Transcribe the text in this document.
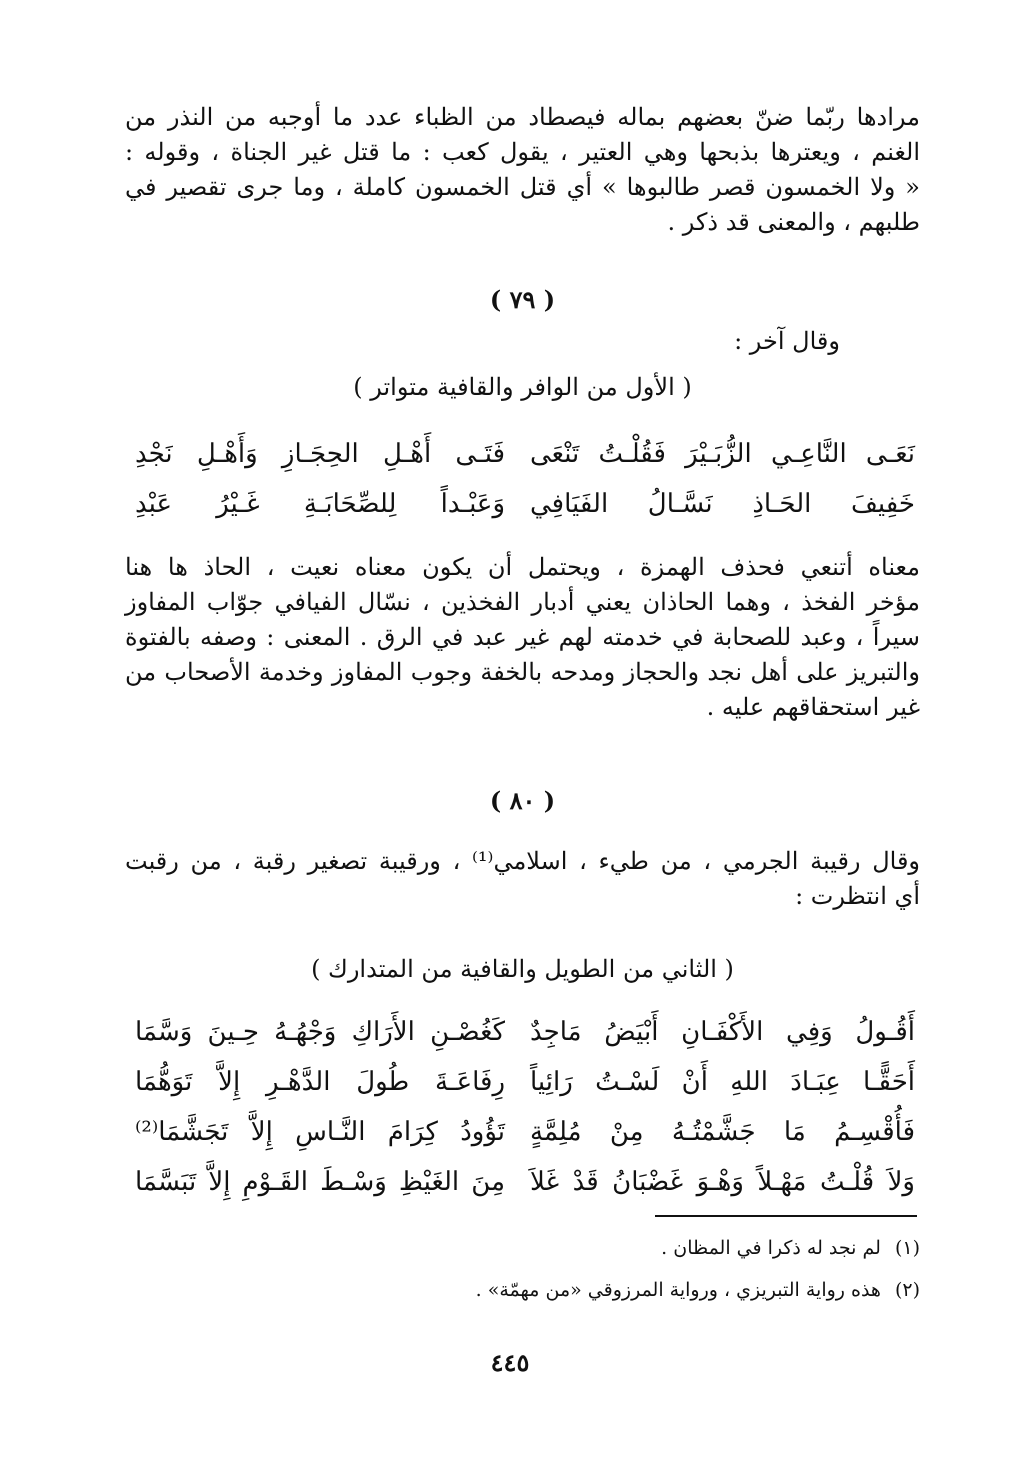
مرادها ربّما ضنّ بعضهم بماله فيصطاد من الظباء عدد ما أوجبه من النذر من
الغنم ، ويعترها بذبحها وهي العتير ، يقول كعب : ما قتل غير الجناة ، وقوله :
« ولا الخمسون قصر طالبوها » أي قتل الخمسون كاملة ، وما جرى تقصير في
طلبهم ، والمعنى قد ذكر .
( ٧٩ )
وقال آخر :
( الأول من الوافر والقافية متواتر )
نَعَـى النَّاعِـي الزُّبَـيْرَ فَقُلْـتُ تَنْعَى
فَتَـى أَهْـلِ الحِجَـازِ وَأَهْـلِ نَجْدِ
خَفِيفَ الحَـاذِ نَسَّـالُ الفَيَافِي
وَعَبْـداً لِلصِّحَابَـةِ غَـيْرُ عَبْدِ
معناه أتنعي فحذف الهمزة ، ويحتمل أن يكون معناه نعيت ، الحاذ ها هنا
مؤخر الفخذ ، وهما الحاذان يعني أدبار الفخذين ، نسّال الفيافي جوّاب المفاوز
سيراً ، وعبد للصحابة في خدمته لهم غير عبد في الرق . المعنى : وصفه بالفتوة
والتبريز على أهل نجد والحجاز ومدحه بالخفة وجوب المفاوز وخدمة الأصحاب من
غير استحقاقهم عليه .
( ٨٠ )
وقال رقيبة الجرمي ، من طيء ، اسلامي⁽¹⁾ ، ورقيبة تصغير رقبة ، من رقبت
أي انتظرت :
( الثاني من الطويل والقافية من المتدارك )
أَقُـولُ وَفِي الأَكْفَـانِ أَبْيَضُ مَاجِدٌ
كَغُصْـنِ الأَرَاكِ وَجْهُـهُ حِـينَ وَسَّمَا
أَحَقًّـا عِبَـادَ اللهِ أَنْ لَسْـتُ رَائِياً
رِفَاعَـةَ طُولَ الدَّهْـرِ إِلاَّ تَوَهُّمَا
فَأُقْسِـمُ مَا جَشَّمْتُـهُ مِنْ مُلِمَّةٍ
تَؤُودُ كِرَامَ النَّـاسِ إِلاَّ تَجَشَّمَا⁽²⁾
وَلاَ قُلْـتُ مَهْـلاً وَهْـوَ غَضْبَانُ قَدْ غَلاَ
مِنَ الغَيْظِ وَسْـطَ القَـوْمِ إِلاَّ تَبَسَّمَا
(١)لم نجد له ذكرا في المظان .
(٢)هذه رواية التبريزي ، ورواية المرزوقي «من مهمّة» .
٤٤٥
